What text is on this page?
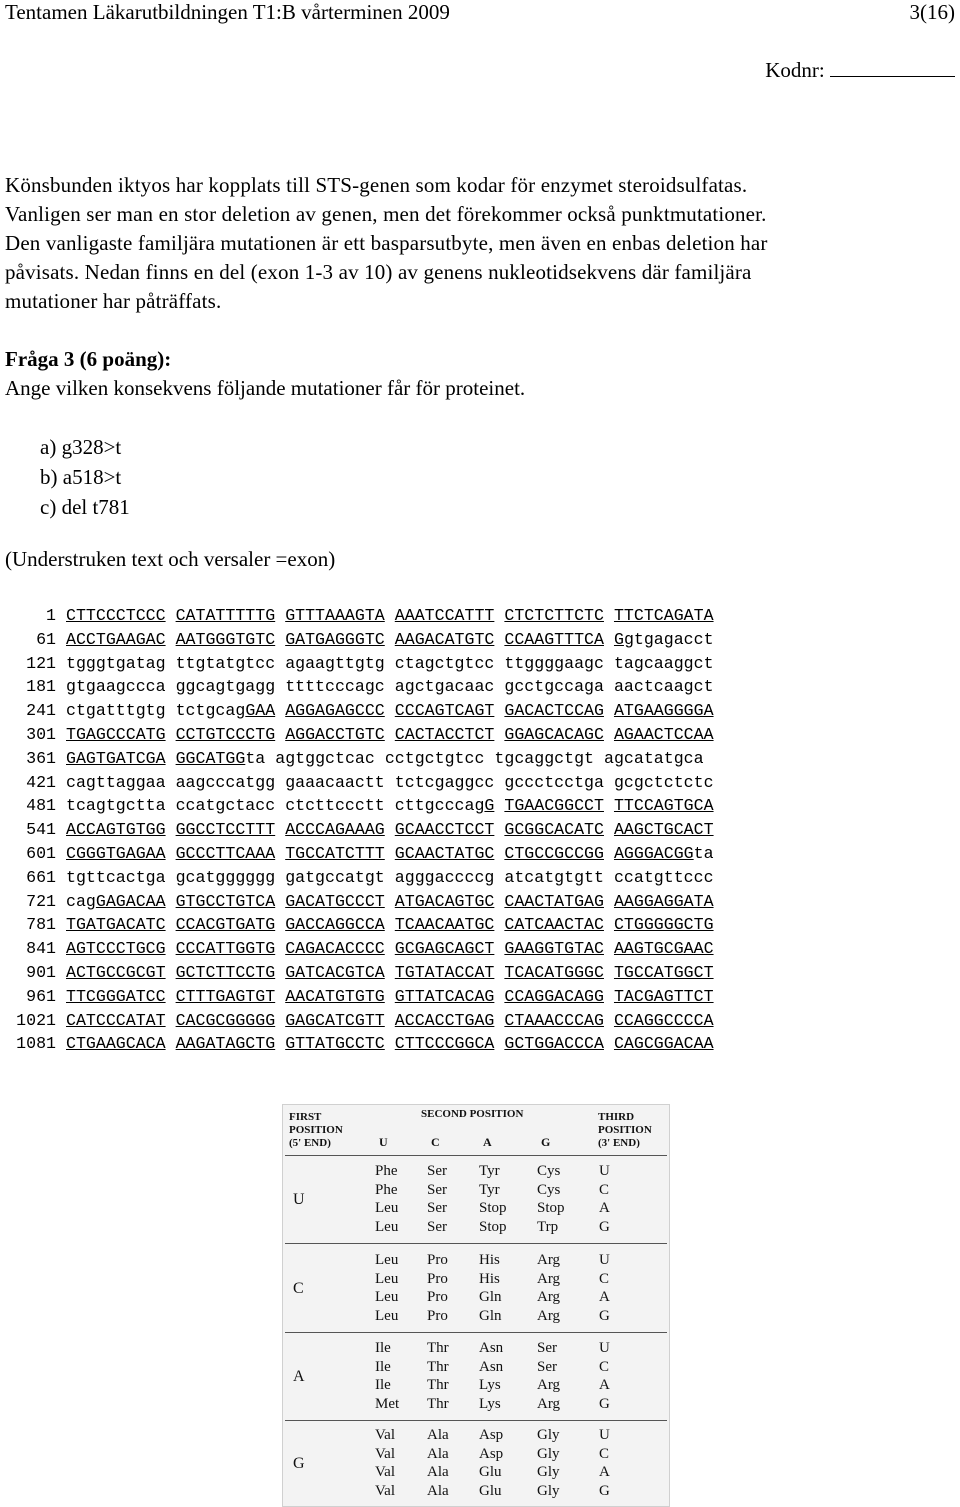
Tentamen Läkarutbildningen T1:B vårterminen 2009	3(16)
Kodnr:

Könsbunden iktyos har kopplats till STS-genen som kodar för enzymet steroidsulfatas.

Vanligen ser man en stor deletion av genen, men det förekommer också punktmutationer.

Den vanligaste familjära mutationen är ett basparsutbyte, men även en enbas deletion har

påvisats. Nedan finns en del (exon 1-3 av 10) av genens nukleotidsekvens där familjära

mutationer har påträffats.

Fråga 3 (6 poäng):
Ange vilken konsekvens följande mutationer får för proteinet.
a) g328>t
b) a518>t
c) del t781
(Understruken text och versaler =exon)
1 CTTCCCTCCC CATATTTTTG GTTTAAAGTA AAATCCATTT CTCTCTTCTC TTCTCAGATA
61 ACCTGAAGAC AATGGGTGTC GATGAGGGTC AAGACATGTC CCAAGTTTCA Ggtgagacct
121 tgggtgatag ttgtatgtcc agaagttgtg ctagctgtcc ttggggaagc tagcaaggct
181 gtgaagccca ggcagtgagg ttttcccagc agctgacaac gcctgccaga aactcaagct
241 ctgatttgtg tctgcagGAA AGGAGAGCCC CCCAGTCAGT GACACTCCAG ATGAAGGGGA
301 TGAGCCCATG CCTGTCCCTG AGGACCTGTC CACTACCTCT GGAGCACAGC AGAACTCCAA
361 GAGTGATCGA GGCATGGta agtggctcac cctgctgtcc tgcaggctgt agcatatgca
421 cagttaggaa aagcccatgg gaaacaactt tctcgaggcc gccctcctga gcgctctctc
481 tcagtgctta ccatgctacc ctcttccctt cttgcccagG TGAACGGCCT TTCCAGTGCA
541 ACCAGTGTGG GGCCTCCTTT ACCCAGAAAG GCAACCTCCT GCGGCACATC AAGCTGCACT
601 CGGGTGAGAA GCCCTTCAAA TGCCATCTTT GCAACTATGC CTGCCGCCGG AGGGACGGta
661 tgttcactga gcatgggggg gatgccatgt agggaccccg atcatgtgtt ccatgttccc
721 cagGAGACAA GTGCCTGTCA GACATGCCCT ATGACAGTGC CAACTATGAG AAGGAGGATA
781 TGATGACATC CCACGTGATG GACCAGGCCA TCAACAATGC CATCAACTAC CTGGGGGCTG
841 AGTCCCTGCG CCCATTGGTG CAGACACCCC GCGAGCAGCT GAAGGTGTAC AAGTGCGAAC
901 ACTGCCGCGT GCTCTTCCTG GATCACGTCA TGTATACCAT TCACATGGGC TGCCATGGCT
961 TTCGGGATCC CTTTGAGTGT AACATGTGTG GTTATCACAG CCAGGACAGG TACGAGTTCT
1021 CATCCCATAT CACGCGGGGG GAGCATCGTT ACCACCTGAG CTAAACCCAG CCAGGCCCCA
1081 CTGAAGCACA AAGATAGCTG GTTATGCCTC CTTCCCGGCA GCTGGACCCA CAGCGGACAA
FIRST
POSITION
(5' END)
SECOND POSITION	THIRD
POSITION
(3' END)
U	C	A	G
U
Phe Ser Tyr Cys	U
Phe Ser Tyr Cys	C
Leu Ser Stop Stop A
Leu Ser Stop Trp	G
C
Leu Pro His Arg	U
Leu Pro His Arg	C
Leu Pro Gln Arg	A
Leu Pro Gln Arg	G
A
Ile Thr Asn Ser	U
Ile Thr Asn Ser	C
Ile Thr Lys Arg	A
Met Thr Lys Arg	G
G
Val Ala Asp Gly	U
Val Ala Asp Gly	C
Val Ala Glu Gly	A
Val Ala Glu Gly	G
